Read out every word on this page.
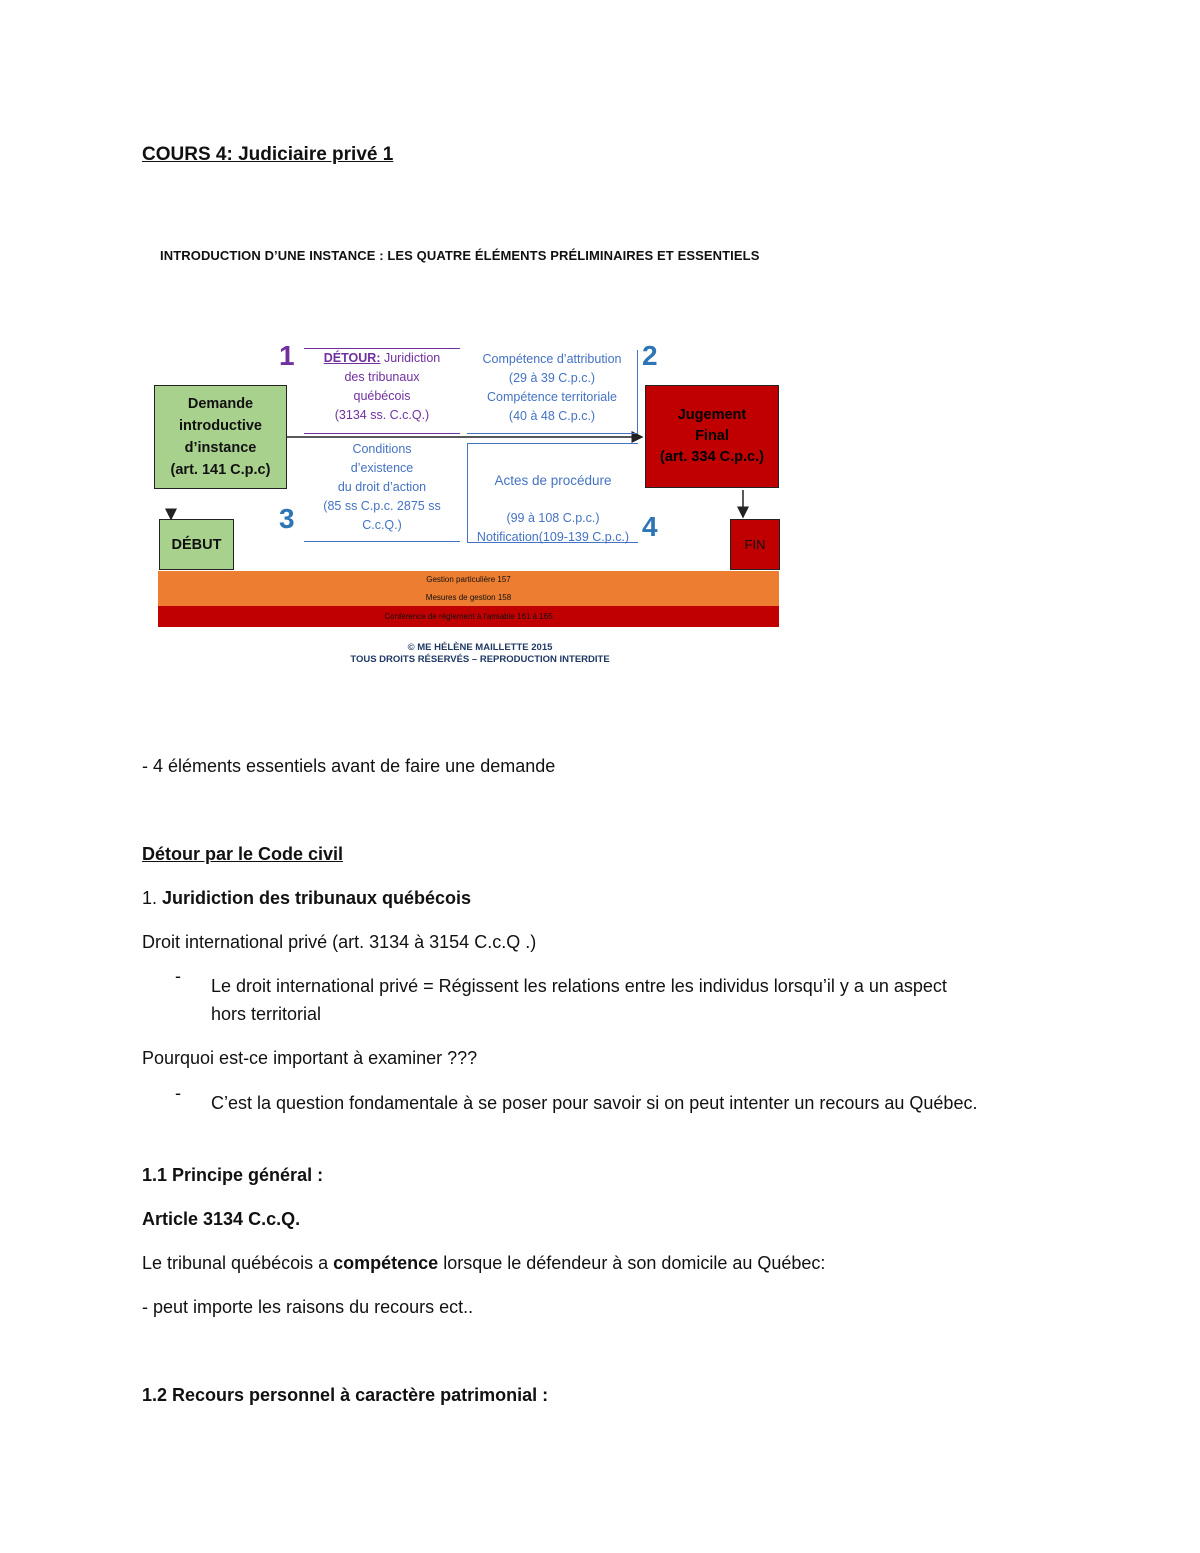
COURS 4: Judiciaire privé 1
INTRODUCTION D’UNE INSTANCE : LES QUATRE ÉLÉMENTS PRÉLIMINAIRES ET ESSENTIELS
Demande
introductive
d’instance
(art. 141 C.p.c)
DÉBUT
Jugement
Final
(art. 334 C.p.c.)
FIN
1	2
3	4
DÉTOUR: Juridiction
des tribunaux
québécois
(3134 ss. C.c.Q.)
Compétence d’attribution
(29 à 39 C.p.c.)
Compétence territoriale
(40 à 48 C.p.c.)
Conditions
d’existence
du droit d’action
(85 ss C.p.c. 2875 ss
C.c.Q.)

Actes de procédure

(99 à 108 C.p.c.)
Notification(109-139 C.p.c.)

Gestion particulière 157
Mesures de gestion 158
Conférence de règlement à l'amiable 161 à 165
© ME HÉLÈNE MAILLETTE 2015
TOUS DROITS RÉSERVÉS – REPRODUCTION INTERDITE
- 4 éléments essentiels avant de faire une demande
Détour par le Code civil
1. Juridiction des tribunaux québécois
Droit international privé (art. 3134 à 3154 C.c.Q .)
- Le droit international privé = Régissent les relations entre les individus lorsqu’il y a un aspect
hors territorial
Pourquoi est-ce important à examiner ???
- C’est la question fondamentale à se poser pour savoir si on peut intenter un recours au Québec.
1.1 Principe général :
Article 3134 C.c.Q.
Le tribunal québécois a compétence lorsque le défendeur à son domicile au Québec:
- peut importe les raisons du recours ect..
1.2 Recours personnel à caractère patrimonial :
